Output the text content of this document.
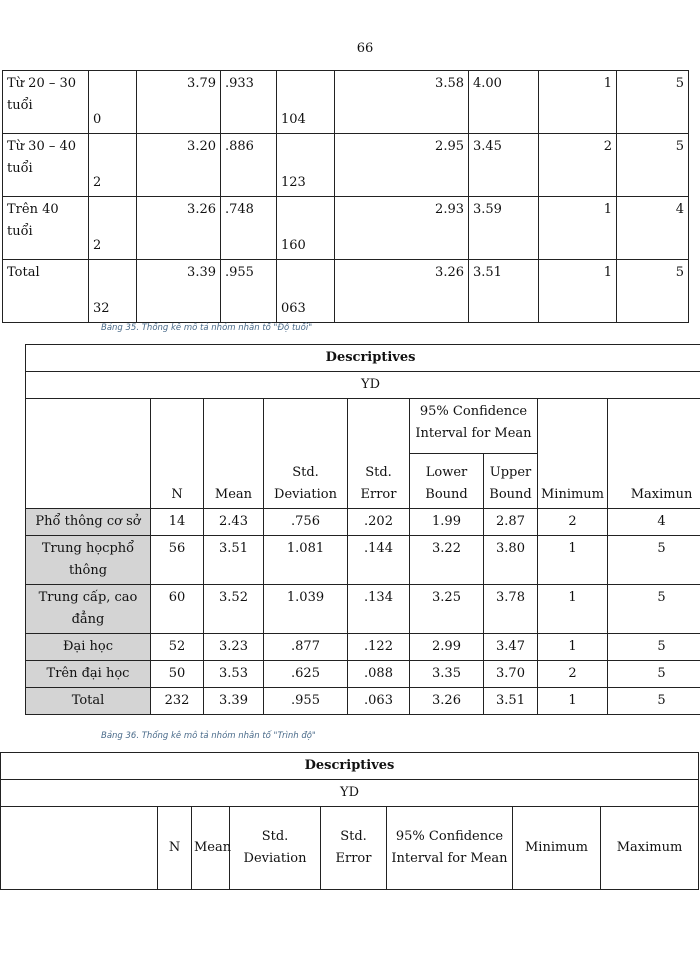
66
Từ 20 – 30 tuổi	0	3.79	.933	104	3.58	4.00	1	5
Từ 30 – 40 tuổi	2	3.20	.886	123	2.95	3.45	2	5
Trên 40 tuổi	2	3.26	.748	160	2.93	3.59	1	4
Total	32	3.39	.955	063	3.26	3.51	1	5
Bảng 35. Thống kê mô tả nhóm nhân tố "Độ tuổi"
Descriptives								
YD								
	N	Mean	Std. Deviation	Std. Error	95% Confidence Interval for Mean		Minimum	Maximun
					Lower Bound	Upper Bound		
Phổ thông cơ sở	14	2.43	.756	.202	1.99	2.87	2	4
Trung họcphổ thông	56	3.51	1.081	.144	3.22	3.80	1	5
Trung cấp, cao đẳng	60	3.52	1.039	.134	3.25	3.78	1	5
Đại học	52	3.23	.877	.122	2.99	3.47	1	5
Trên đại học	50	3.53	.625	.088	3.35	3.70	2	5
Total	232	3.39	.955	.063	3.26	3.51	1	5
Bảng 36. Thống kê mô tả nhóm nhân tố "Trình độ"
Descriptives
YD
	N	Mean	Std. Deviation	Std. Error	95% Confidence Interval for Mean	Minimum	Maximum
